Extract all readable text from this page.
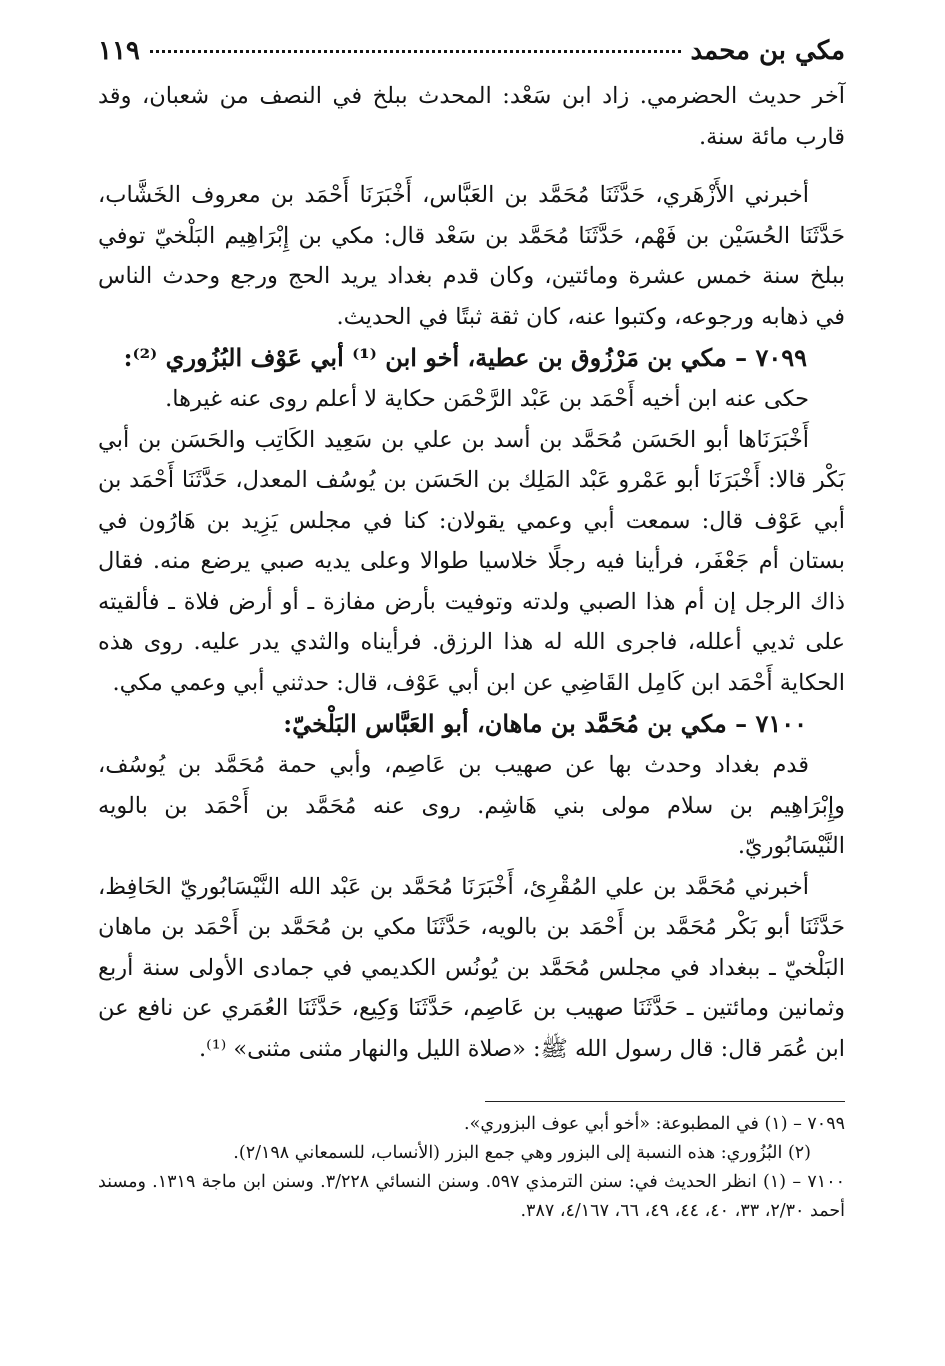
مكي بن محمد
١١٩

آخر حديث الحضرمي. زاد ابن سَعْد: المحدث ببلخ في النصف من شعبان، وقد قارب مائة سنة.

أخبرني الأَزْهَري، حَدَّثَنَا مُحَمَّد بن العَبَّاس، أَخْبَرَنَا أَحْمَد بن معروف الخَشَّاب، حَدَّثَنَا الحُسَيْن بن فَهْم، حَدَّثَنَا مُحَمَّد بن سَعْد قال: مكي بن إِبْرَاهِيم البَلْخيّ توفي ببلخ سنة خمس عشرة ومائتين، وكان قدم بغداد يريد الحج ورجع وحدث الناس في ذهابه ورجوعه، وكتبوا عنه، كان ثقة ثبتًا في الحديث.

٧٠٩٩ – مكي بن مَرْزُوق بن عطية، أخو ابن ⁽¹⁾ أبي عَوْف البُزُوري ⁽²⁾:

حكى عنه ابن أخيه أَحْمَد بن عَبْد الرَّحْمَن حكاية لا أعلم روى عنه غيرها.

أَخْبَرَنَاها أبو الحَسَن مُحَمَّد بن أسد بن علي بن سَعِيد الكَاتِب والحَسَن بن أبي بَكْر قالا: أَخْبَرَنَا أبو عَمْرو عَبْد المَلِك بن الحَسَن بن يُوسُف المعدل، حَدَّثَنَا أَحْمَد بن أبي عَوْف قال: سمعت أبي وعمي يقولان: كنا في مجلس يَزِيد بن هَارُون في بستان أم جَعْفَر، فرأينا فيه رجلًا خلاسيا طوالا وعلى يديه صبي يرضع منه. فقال ذاك الرجل إن أم هذا الصبي ولدته وتوفيت بأرض مفازة ـ أو أرض فلاة ـ فألقيته على ثديي أعلله، فاجرى الله له هذا الرزق. فرأيناه والثدي يدر عليه. روى هذه الحكاية أَحْمَد ابن كَامِل القَاضِي عن ابن أبي عَوْف، قال: حدثني أبي وعمي مكي.

٧١٠٠ – مكي بن مُحَمَّد بن ماهان، أبو العَبَّاس البَلْخيّ:

قدم بغداد وحدث بها عن صهيب بن عَاصِم، وأبي حمة مُحَمَّد بن يُوسُف، وإِبْرَاهِيم بن سلام مولى بني هَاشِم. روى عنه مُحَمَّد بن أَحْمَد بن بالويه النَّيْسَابُوريّ.

أخبرني مُحَمَّد بن علي المُقْرِئ، أَخْبَرَنَا مُحَمَّد بن عَبْد الله النَّيْسَابُوريّ الحَافِظ، حَدَّثَنَا أبو بَكْر مُحَمَّد بن أَحْمَد بن بالويه، حَدَّثَنَا مكي بن مُحَمَّد بن أَحْمَد بن ماهان البَلْخيّ ـ ببغداد في مجلس مُحَمَّد بن يُونُس الكديمي في جمادى الأولى سنة أربع وثمانين ومائتين ـ حَدَّثَنَا صهيب بن عَاصِم، حَدَّثَنَا وَكِيع، حَدَّثَنَا العُمَري عن نافع عن ابن عُمَر قال: قال رسول الله ﷺ: «صلاة الليل والنهار مثنى مثنى» ⁽¹⁾.

٧٠٩٩ – (١) في المطبوعة: «أخو أبي عوف البزوري».

(٢) البُزُوري: هذه النسبة إلى البزور وهي جمع البزر (الأنساب، للسمعاني ٢/١٩٨).

٧١٠٠ – (١) انظر الحديث في: سنن الترمذي ٥٩٧. وسنن النسائي ٣/٢٢٨. وسنن ابن ماجة ١٣١٩. ومسند أحمد ٢/٣٠، ٣٣، ٤٠، ٤٤، ٤٩، ٦٦، ٤/١٦٧، ٣٨٧.
